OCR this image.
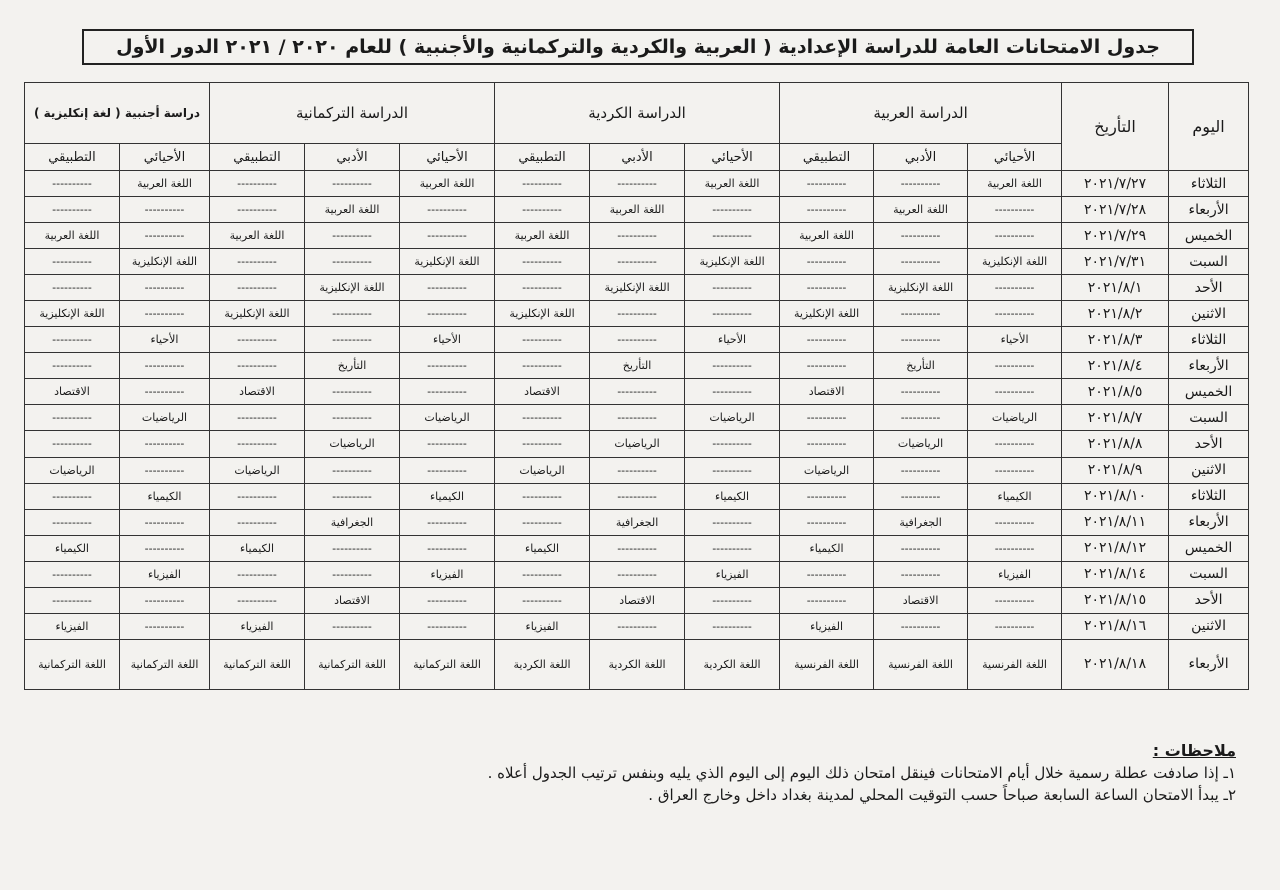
جدول الامتحانات العامة للدراسة الإعدادية ( العربية والكردية والتركمانية والأجنبية ) للعام ٢٠٢٠ / ٢٠٢١ الدور الأول
اليوم	التأريخ	الدراسة العربية			الدراسة الكردية			الدراسة التركمانية			دراسة أجنبية ( لغة إنكليزية )	
		الأحيائي	الأدبي	التطبيقي	الأحيائي	الأدبي	التطبيقي	الأحيائي	الأدبي	التطبيقي	الأحيائي	التطبيقي
الثلاثاء	٢٠٢١/٧/٢٧	اللغة العربية	----------	----------	اللغة العربية	----------	----------	اللغة العربية	----------	----------	اللغة العربية	----------
الأربعاء	٢٠٢١/٧/٢٨	----------	اللغة العربية	----------	----------	اللغة العربية	----------	----------	اللغة العربية	----------	----------	----------
الخميس	٢٠٢١/٧/٢٩	----------	----------	اللغة العربية	----------	----------	اللغة العربية	----------	----------	اللغة العربية	----------	اللغة العربية
السبت	٢٠٢١/٧/٣١	اللغة الإنكليزية	----------	----------	اللغة الإنكليزية	----------	----------	اللغة الإنكليزية	----------	----------	اللغة الإنكليزية	----------
الأحد	٢٠٢١/٨/١	----------	اللغة الإنكليزية	----------	----------	اللغة الإنكليزية	----------	----------	اللغة الإنكليزية	----------	----------	----------
الاثنين	٢٠٢١/٨/٢	----------	----------	اللغة الإنكليزية	----------	----------	اللغة الإنكليزية	----------	----------	اللغة الإنكليزية	----------	اللغة الإنكليزية
الثلاثاء	٢٠٢١/٨/٣	الأحياء	----------	----------	الأحياء	----------	----------	الأحياء	----------	----------	الأحياء	----------
الأربعاء	٢٠٢١/٨/٤	----------	التأريخ	----------	----------	التأريخ	----------	----------	التأريخ	----------	----------	----------
الخميس	٢٠٢١/٨/٥	----------	----------	الاقتصاد	----------	----------	الاقتصاد	----------	----------	الاقتصاد	----------	الاقتصاد
السبت	٢٠٢١/٨/٧	الرياضيات	----------	----------	الرياضيات	----------	----------	الرياضيات	----------	----------	الرياضيات	----------
الأحد	٢٠٢١/٨/٨	----------	الرياضيات	----------	----------	الرياضيات	----------	----------	الرياضيات	----------	----------	----------
الاثنين	٢٠٢١/٨/٩	----------	----------	الرياضيات	----------	----------	الرياضيات	----------	----------	الرياضيات	----------	الرياضيات
الثلاثاء	٢٠٢١/٨/١٠	الكيمياء	----------	----------	الكيمياء	----------	----------	الكيمياء	----------	----------	الكيمياء	----------
الأربعاء	٢٠٢١/٨/١١	----------	الجغرافية	----------	----------	الجغرافية	----------	----------	الجغرافية	----------	----------	----------
الخميس	٢٠٢١/٨/١٢	----------	----------	الكيمياء	----------	----------	الكيمياء	----------	----------	الكيمياء	----------	الكيمياء
السبت	٢٠٢١/٨/١٤	الفيزياء	----------	----------	الفيزياء	----------	----------	الفيزياء	----------	----------	الفيزياء	----------
الأحد	٢٠٢١/٨/١٥	----------	الاقتصاد	----------	----------	الاقتصاد	----------	----------	الاقتصاد	----------	----------	----------
الاثنين	٢٠٢١/٨/١٦	----------	----------	الفيزياء	----------	----------	الفيزياء	----------	----------	الفيزياء	----------	الفيزياء
الأربعاء	٢٠٢١/٨/١٨	اللغة الفرنسية	اللغة الفرنسية	اللغة الفرنسية	اللغة الكردية	اللغة الكردية	اللغة الكردية	اللغة التركمانية	اللغة التركمانية	اللغة التركمانية	اللغة التركمانية	اللغة التركمانية

ملاحظات :

١ـ إذا صادفت عطلة رسمية خلال أيام الامتحانات فينقل امتحان ذلك اليوم إلى اليوم الذي يليه وبنفس ترتيب الجدول أعلاه .

٢ـ يبدأ الامتحان الساعة السابعة صباحاً حسب التوقيت المحلي لمدينة بغداد داخل وخارج العراق .
